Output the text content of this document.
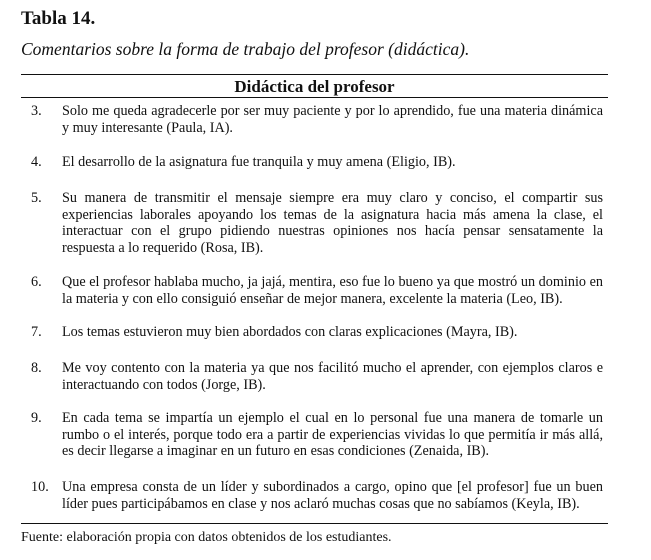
Tabla 14.
Comentarios sobre la forma de trabajo del profesor (didáctica).
Didáctica del profesor
3.	Solo me queda agradecerle por ser muy paciente y por lo aprendido, fue una materia dinámica y muy interesante (Paula, IA).
4.	El desarrollo de la asignatura fue tranquila y muy amena (Eligio, IB).
5.	Su manera de transmitir el mensaje siempre era muy claro y conciso, el compartir sus experiencias laborales apoyando los temas de la asignatura hacia más amena la clase, el interactuar con el grupo pidiendo nuestras opiniones nos hacía pensar sensatamente la respuesta a lo requerido (Rosa, IB).
6.	Que el profesor hablaba mucho, ja jajá, mentira, eso fue lo bueno ya que mostró un dominio en la materia y con ello consiguió enseñar de mejor manera, excelente la materia (Leo, IB).
7.	Los temas estuvieron muy bien abordados con claras explicaciones (Mayra, IB).
8.	Me voy contento con la materia ya que nos facilitó mucho el aprender, con ejemplos claros e interactuando con todos (Jorge, IB).
9.	En cada tema se impartía un ejemplo el cual en lo personal fue una manera de tomarle un rumbo o el interés, porque todo era a partir de experiencias vividas lo que permitía ir más allá, es decir llegarse a imaginar en un futuro en esas condiciones (Zenaida, IB).
10. Una empresa consta de un líder y subordinados a cargo, opino que [el profesor] fue un buen líder pues participábamos en clase y nos aclaró muchas cosas que no sabíamos (Keyla, IB).
Fuente: elaboración propia con datos obtenidos de los estudiantes.
